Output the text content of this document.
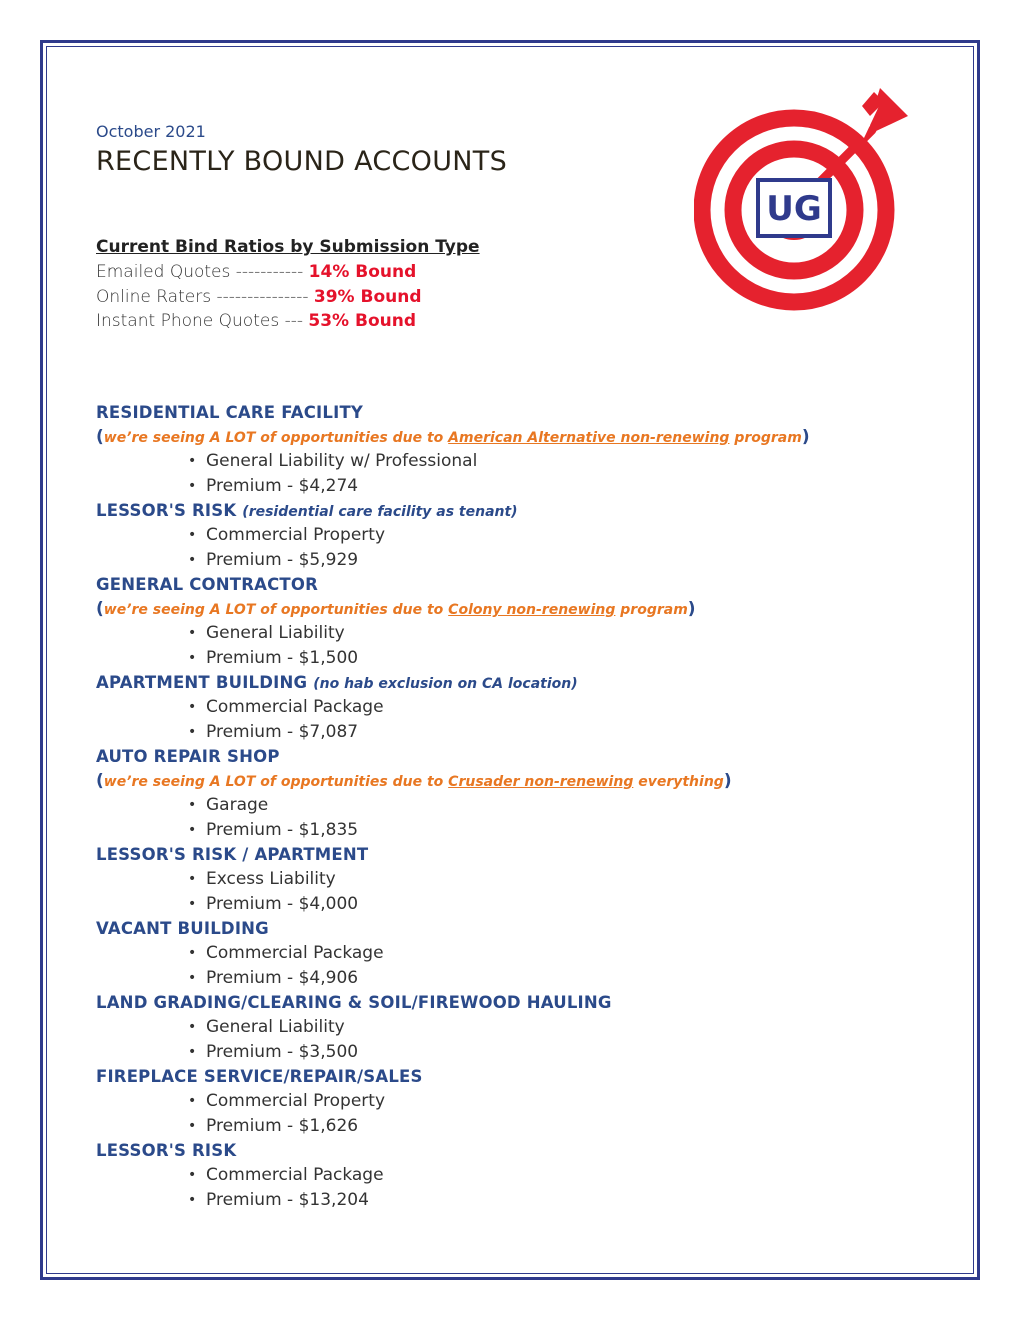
October 2021
RECENTLY BOUND ACCOUNTS
UG
Current Bind Ratios by Submission Type
Emailed Quotes ----------- 14% Bound
Online Raters --------------- 39% Bound
Instant Phone Quotes --- 53% Bound
RESIDENTIAL CARE FACILITY
(we’re seeing A LOT of opportunities due to American Alternative non-renewing program)
• General Liability w/ Professional
• Premium - $4,274
LESSOR'S RISK (residential care facility as tenant)
• Commercial Property
• Premium - $5,929
GENERAL CONTRACTOR
(we’re seeing A LOT of opportunities due to Colony non-renewing program)
• General Liability
• Premium - $1,500
APARTMENT BUILDING (no hab exclusion on CA location)
• Commercial Package
• Premium - $7,087
AUTO REPAIR SHOP
(we’re seeing A LOT of opportunities due to Crusader non-renewing everything)
• Garage
• Premium - $1,835
LESSOR'S RISK / APARTMENT
• Excess Liability
• Premium - $4,000
VACANT BUILDING
• Commercial Package
• Premium - $4,906
LAND GRADING/CLEARING & SOIL/FIREWOOD HAULING
• General Liability
• Premium - $3,500
FIREPLACE SERVICE/REPAIR/SALES
• Commercial Property
• Premium - $1,626
LESSOR'S RISK
• Commercial Package
• Premium - $13,204
